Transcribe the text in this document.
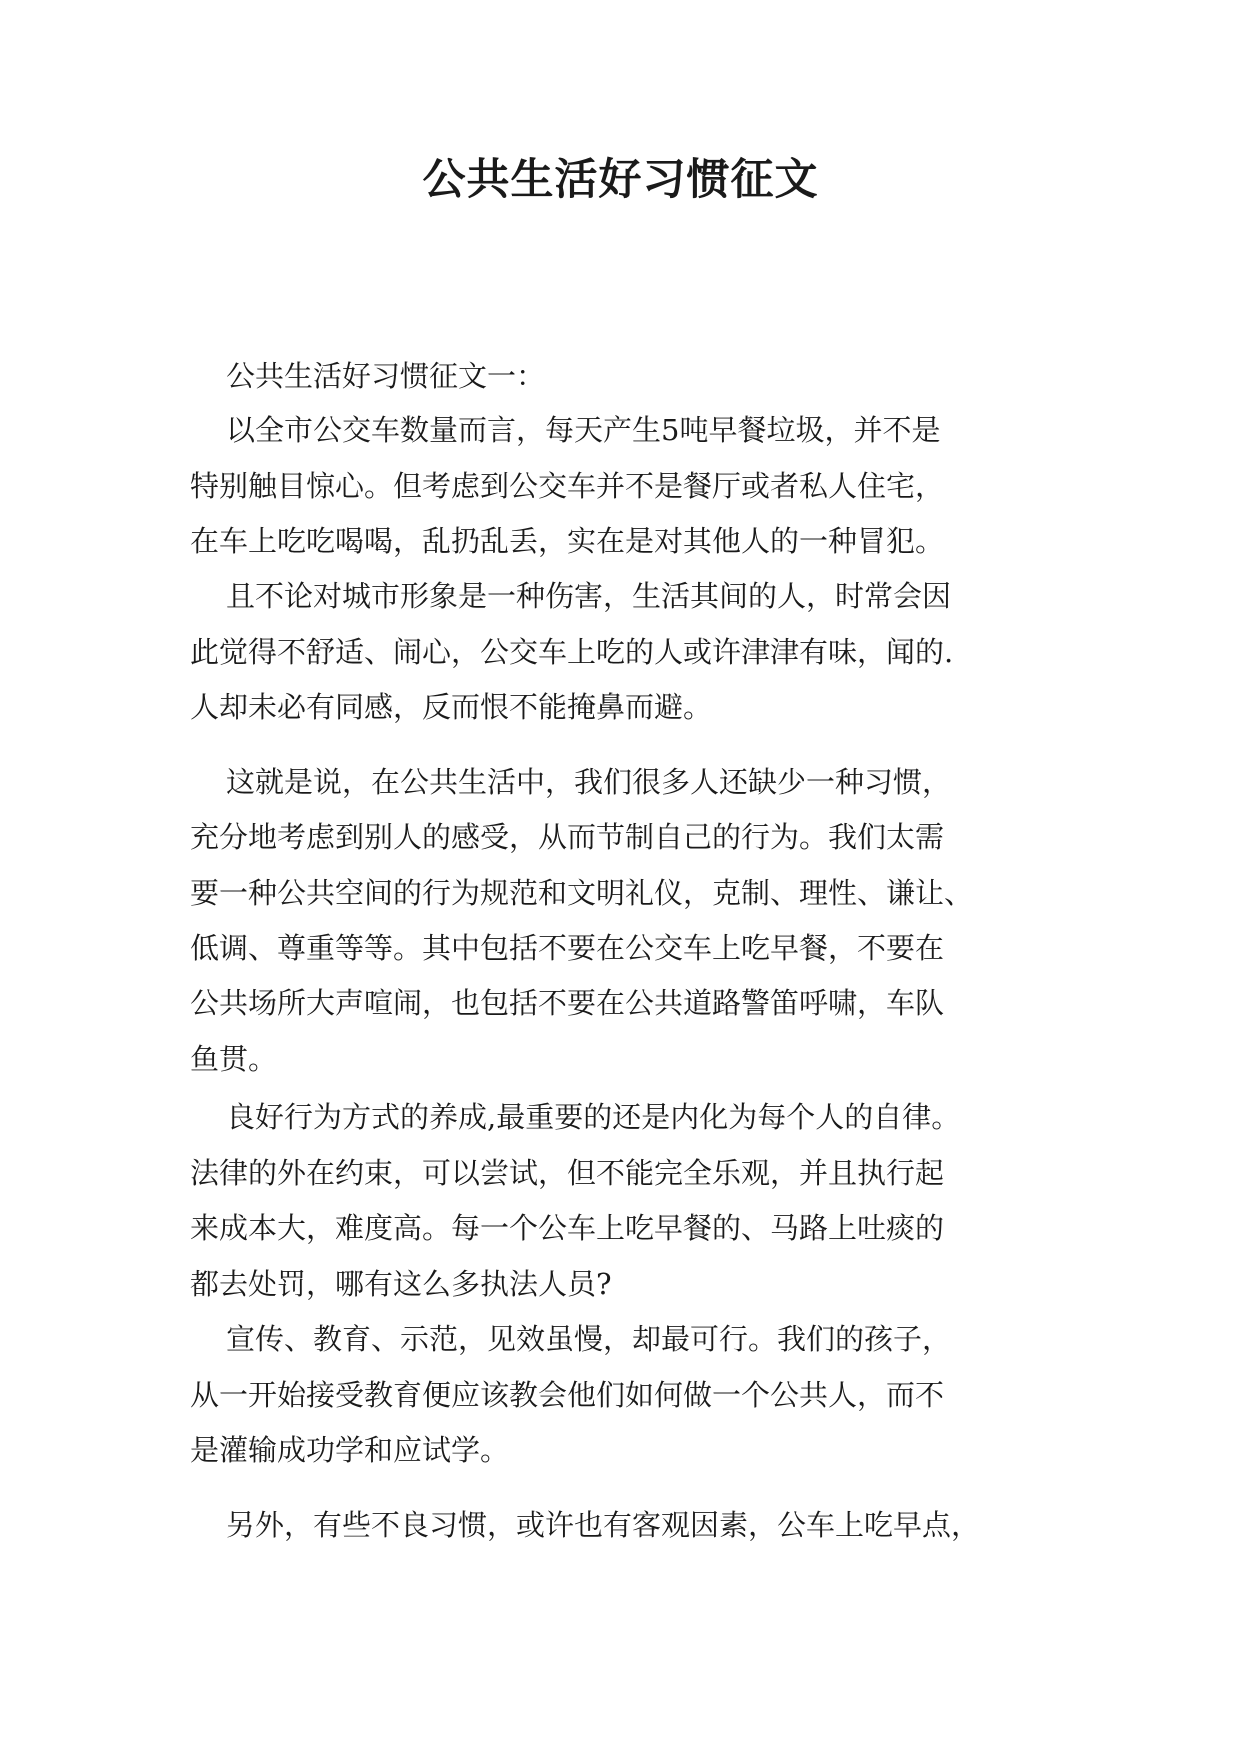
公共生活好习惯征文

公共生活好习惯征文一：

以全市公交车数量而言，每天产生5吨早餐垃圾，并不是

特别触目惊心。但考虑到公交车并不是餐厅或者私人住宅，

在车上吃吃喝喝，乱扔乱丢，实在是对其他人的一种冒犯。

且不论对城市形象是一种伤害，生活其间的人，时常会因

此觉得不舒适、闹心，公交车上吃的人或许津津有味，闻的.

人却未必有同感，反而恨不能掩鼻而避。

这就是说，在公共生活中，我们很多人还缺少一种习惯，

充分地考虑到别人的感受，从而节制自己的行为。我们太需

要一种公共空间的行为规范和文明礼仪，克制、理性、谦让、

低调、尊重等等。其中包括不要在公交车上吃早餐，不要在

公共场所大声喧闹，也包括不要在公共道路警笛呼啸，车队

鱼贯。

良好行为方式的养成,最重要的还是内化为每个人的自律。

法律的外在约束，可以尝试，但不能完全乐观，并且执行起

来成本大，难度高。每一个公车上吃早餐的、马路上吐痰的

都去处罚，哪有这么多执法人员?

宣传、教育、示范，见效虽慢，却最可行。我们的孩子，

从一开始接受教育便应该教会他们如何做一个公共人，而不

是灌输成功学和应试学。

另外，有些不良习惯，或许也有客观因素，公车上吃早点，
